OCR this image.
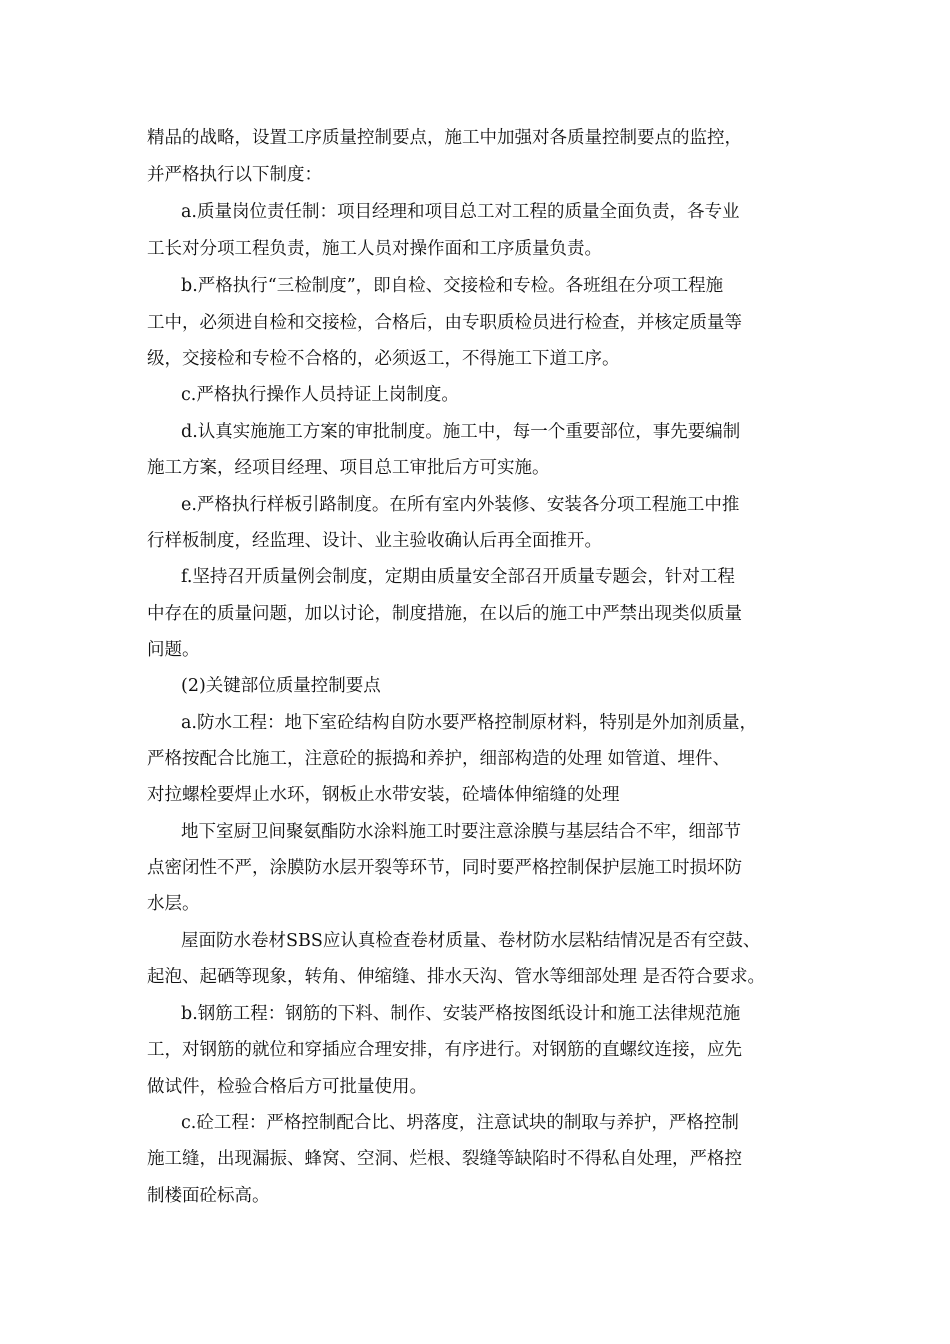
精品的战略，设置工序质量控制要点，施工中加强对各质量控制要点的监控，
并严格执行以下制度：
a.质量岗位责任制：项目经理和项目总工对工程的质量全面负责，各专业
工长对分项工程负责，施工人员对操作面和工序质量负责。
b.严格执行“三检制度”，即自检、交接检和专检。各班组在分项工程施
工中，必须进自检和交接检，合格后，由专职质检员进行检查，并核定质量等
级，交接检和专检不合格的，必须返工，不得施工下道工序。
c.严格执行操作人员持证上岗制度。
d.认真实施施工方案的审批制度。施工中，每一个重要部位，事先要编制
施工方案，经项目经理、项目总工审批后方可实施。
e.严格执行样板引路制度。在所有室内外装修、安装各分项工程施工中推
行样板制度，经监理、设计、业主验收确认后再全面推开。
f.坚持召开质量例会制度，定期由质量安全部召开质量专题会，针对工程
中存在的质量问题，加以讨论，制度措施，在以后的施工中严禁出现类似质量
问题。
(2)关键部位质量控制要点
a.防水工程：地下室砼结构自防水要严格控制原材料，特别是外加剂质量，
严格按配合比施工，注意砼的振捣和养护，细部构造的处理 如管道、埋件、
对拉螺栓要焊止水环，钢板止水带安装，砼墙体伸缩缝的处理
地下室厨卫间聚氨酯防水涂料施工时要注意涂膜与基层结合不牢，细部节
点密闭性不严，涂膜防水层开裂等环节，同时要严格控制保护层施工时损坏防
水层。
屋面防水卷材SBS应认真检查卷材质量、卷材防水层粘结情况是否有空鼓、
起泡、起硒等现象，转角、伸缩缝、排水天沟、管水等细部处理 是否符合要求。
b.钢筋工程：钢筋的下料、制作、安装严格按图纸设计和施工法律规范施
工，对钢筋的就位和穿插应合理安排，有序进行。对钢筋的直螺纹连接，应先
做试件，检验合格后方可批量使用。
c.砼工程：严格控制配合比、坍落度，注意试块的制取与养护，严格控制
施工缝，出现漏振、蜂窝、空洞、烂根、裂缝等缺陷时不得私自处理，严格控
制楼面砼标高。
